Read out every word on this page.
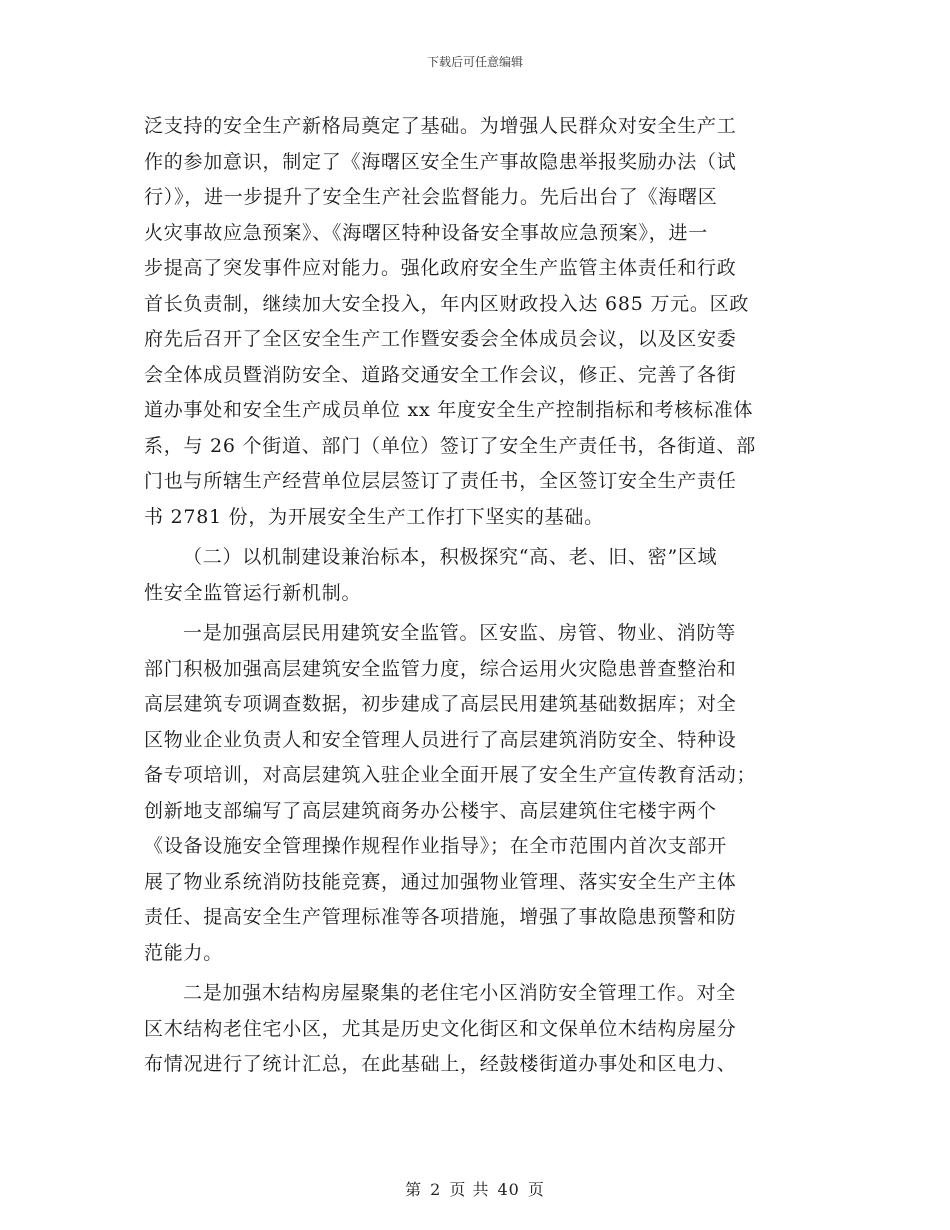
下载后可任意编辑
泛支持的安全生产新格局奠定了基础。为增强人民群众对安全生产工
作的参加意识，制定了《海曙区安全生产事故隐患举报奖励办法（试
行）》，进一步提升了安全生产社会监督能力。先后出台了《海曙区
火灾事故应急预案》、《海曙区特种设备安全事故应急预案》，进一
步提高了突发事件应对能力。强化政府安全生产监管主体责任和行政
首长负责制，继续加大安全投入，年内区财政投入达 685 万元。区政
府先后召开了全区安全生产工作暨安委会全体成员会议，以及区安委
会全体成员暨消防安全、道路交通安全工作会议，修正、完善了各街
道办事处和安全生产成员单位 xx 年度安全生产控制指标和考核标准体
系，与 26 个街道、部门（单位）签订了安全生产责任书，各街道、部
门也与所辖生产经营单位层层签订了责任书，全区签订安全生产责任
书 2781 份，为开展安全生产工作打下坚实的基础。
（二）以机制建设兼治标本，积极探究“高、老、旧、密”区域
性安全监管运行新机制。
一是加强高层民用建筑安全监管。区安监、房管、物业、消防等
部门积极加强高层建筑安全监管力度，综合运用火灾隐患普查整治和
高层建筑专项调查数据，初步建成了高层民用建筑基础数据库；对全
区物业企业负责人和安全管理人员进行了高层建筑消防安全、特种设
备专项培训，对高层建筑入驻企业全面开展了安全生产宣传教育活动；
创新地支部编写了高层建筑商务办公楼宇、高层建筑住宅楼宇两个
《设备设施安全管理操作规程作业指导》；在全市范围内首次支部开
展了物业系统消防技能竞赛，通过加强物业管理、落实安全生产主体
责任、提高安全生产管理标准等各项措施，增强了事故隐患预警和防
范能力。
二是加强木结构房屋聚集的老住宅小区消防安全管理工作。对全
区木结构老住宅小区，尤其是历史文化街区和文保单位木结构房屋分
布情况进行了统计汇总，在此基础上，经鼓楼街道办事处和区电力、
第 2 页 共 40 页
